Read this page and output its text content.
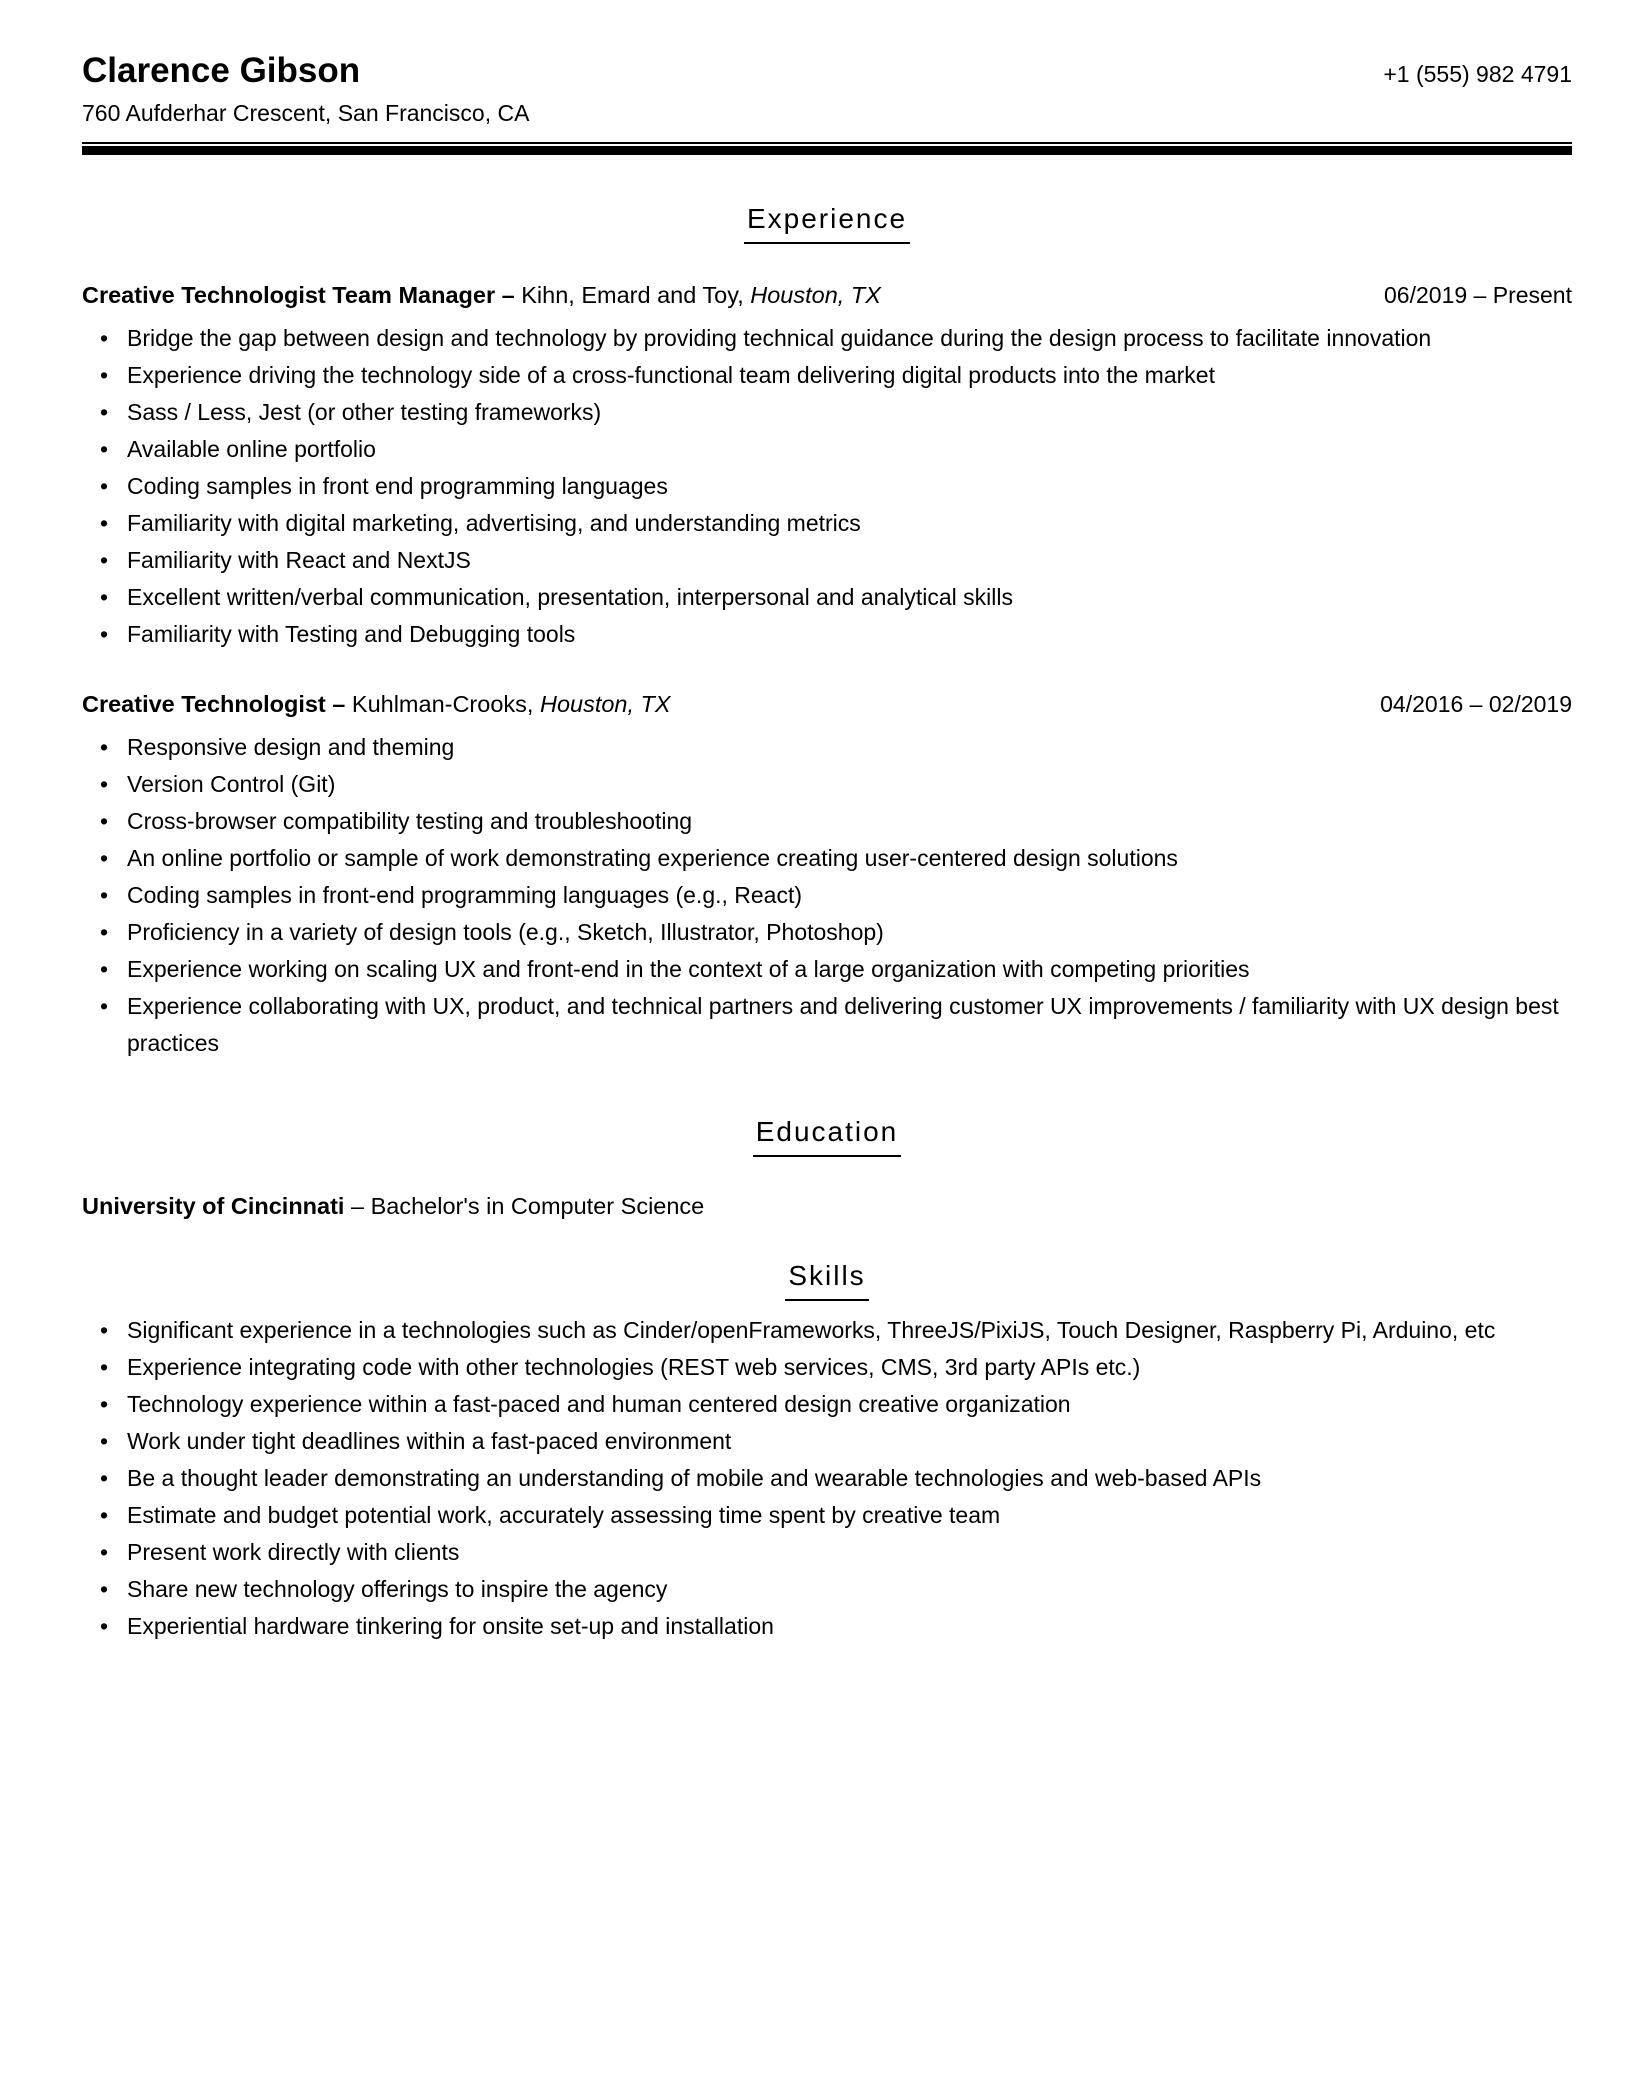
Clarence Gibson	+1 (555) 982 4791
760 Aufderhar Crescent, San Francisco, CA
Experience
Creative Technologist Team Manager – Kihn, Emard and Toy, Houston, TX	06/2019 – Present
• Bridge the gap between design and technology by providing technical guidance during the design process to facilitate innovation
• Experience driving the technology side of a cross-functional team delivering digital products into the market
• Sass / Less, Jest (or other testing frameworks)
• Available online portfolio
• Coding samples in front end programming languages
• Familiarity with digital marketing, advertising, and understanding metrics
• Familiarity with React and NextJS
• Excellent written/verbal communication, presentation, interpersonal and analytical skills
• Familiarity with Testing and Debugging tools
Creative Technologist – Kuhlman-Crooks, Houston, TX	04/2016 – 02/2019
• Responsive design and theming
• Version Control (Git)
• Cross-browser compatibility testing and troubleshooting
• An online portfolio or sample of work demonstrating experience creating user-centered design solutions
• Coding samples in front-end programming languages (e.g., React)
• Proficiency in a variety of design tools (e.g., Sketch, Illustrator, Photoshop)
• Experience working on scaling UX and front-end in the context of a large organization with competing priorities
• Experience collaborating with UX, product, and technical partners and delivering customer UX improvements / familiarity with UX design best practices
Education
University of Cincinnati – Bachelor's in Computer Science
Skills
• Significant experience in a technologies such as Cinder/openFrameworks, ThreeJS/PixiJS, Touch Designer, Raspberry Pi, Arduino, etc
• Experience integrating code with other technologies (REST web services, CMS, 3rd party APIs etc.)
• Technology experience within a fast-paced and human centered design creative organization
• Work under tight deadlines within a fast-paced environment
• Be a thought leader demonstrating an understanding of mobile and wearable technologies and web-based APIs
• Estimate and budget potential work, accurately assessing time spent by creative team
• Present work directly with clients
• Share new technology offerings to inspire the agency
• Experiential hardware tinkering for onsite set-up and installation
